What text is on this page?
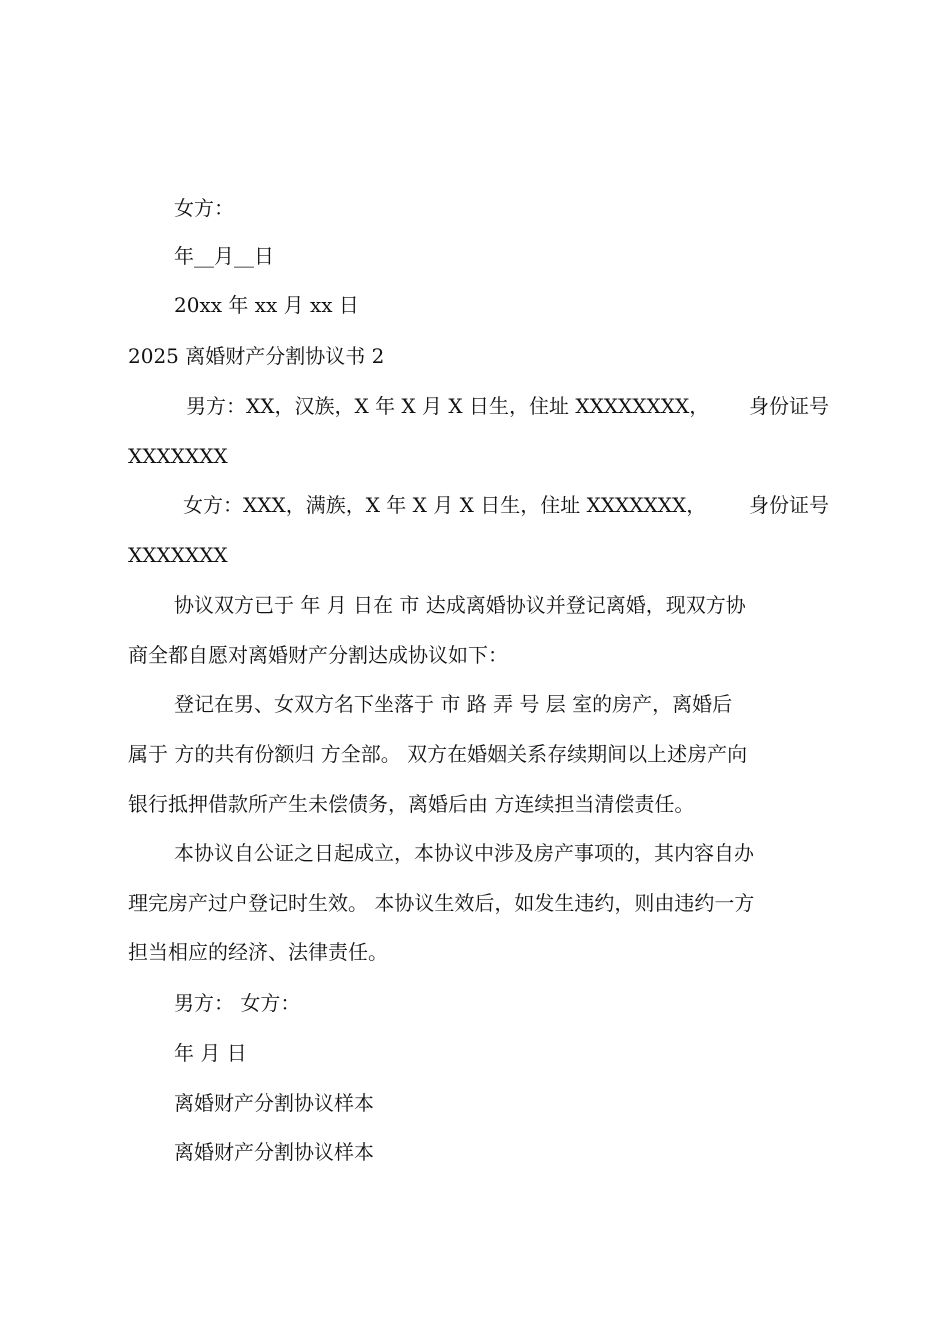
女方：
年__月__日
20xx 年 xx 月 xx 日
2025 离婚财产分割协议书 2
男方：XX，汉族，X 年 X 月 X 日生，住址 XXXXXXXX， 身份证号
XXXXXXX
女方：XXX，满族，X 年 X 月 X 日生，住址 XXXXXXX， 身份证号
XXXXXXX
协议双方已于 年 月 日在 市 达成离婚协议并登记离婚，现双方协
商全都自愿对离婚财产分割达成协议如下：
登记在男、女双方名下坐落于 市 路 弄 号 层 室的房产，离婚后
属于 方的共有份额归 方全部。 双方在婚姻关系存续期间以上述房产向
银行抵押借款所产生未偿债务，离婚后由 方连续担当清偿责任。
本协议自公证之日起成立，本协议中涉及房产事项的，其内容自办
理完房产过户登记时生效。 本协议生效后，如发生违约，则由违约一方
担当相应的经济、法律责任。
男方： 女方：
年 月 日
离婚财产分割协议样本
离婚财产分割协议样本
